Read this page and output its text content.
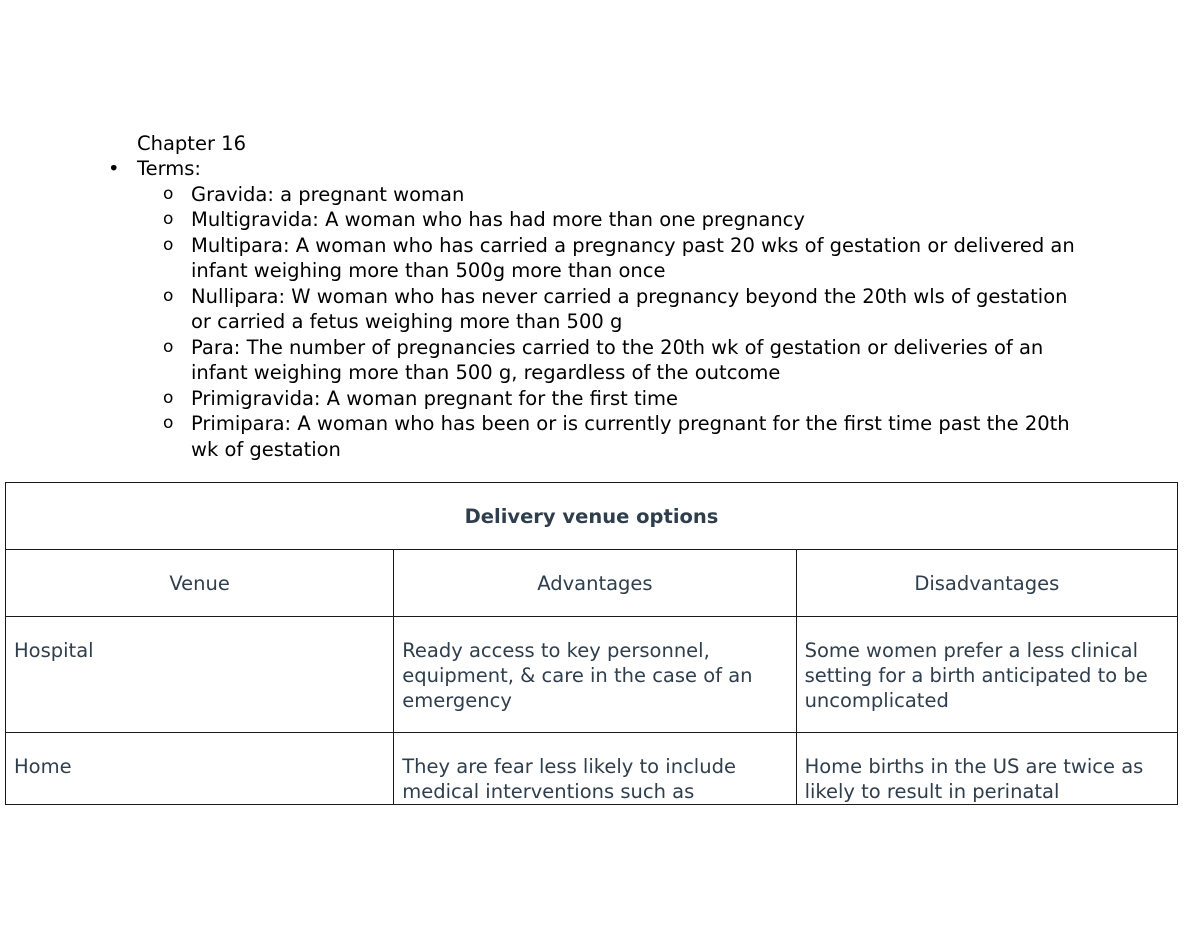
Chapter 16
• Terms:
o Gravida: a pregnant woman
o Multigravida: A woman who has had more than one pregnancy
o Multipara: A woman who has carried a pregnancy past 20 wks of gestation or delivered an infant weighing more than 500g more than once
o Nullipara: W woman who has never carried a pregnancy beyond the 20th wls of gestation or carried a fetus weighing more than 500 g
o Para: The number of pregnancies carried to the 20th wk of gestation or deliveries of an infant weighing more than 500 g, regardless of the outcome
o Primigravida: A woman pregnant for the first time
o Primipara: A woman who has been or is currently pregnant for the first time past the 20th wk of gestation
Delivery venue options		
Venue	Advantages	Disadvantages

Hospital	Ready access to key personnel, equipment, & care in the case of an emergency	Some women prefer a less clinical setting for a birth anticipated to be uncomplicated

Home	They are fear less likely to include medical interventions such as	Home births in the US are twice as likely to result in perinatal
